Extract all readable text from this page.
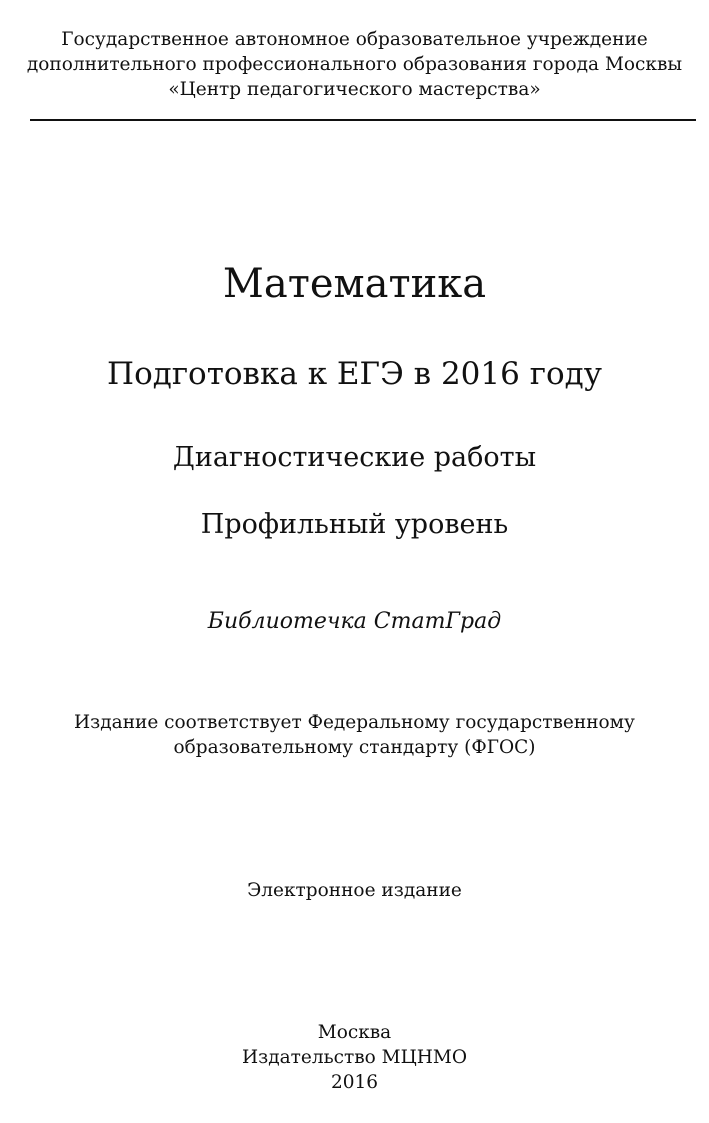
Государственное автономное образовательное учреждение
дополнительного профессионального образования города Москвы
«Центр педагогического мастерства»
Математика
Подготовка к ЕГЭ в 2016 году
Диагностические работы
Профильный уровень
Библиотечка СтатГрад
Издание соответствует Федеральному государственному
образовательному стандарту (ФГОС)
Электронное издание
Москва
Издательство МЦНМО
2016
